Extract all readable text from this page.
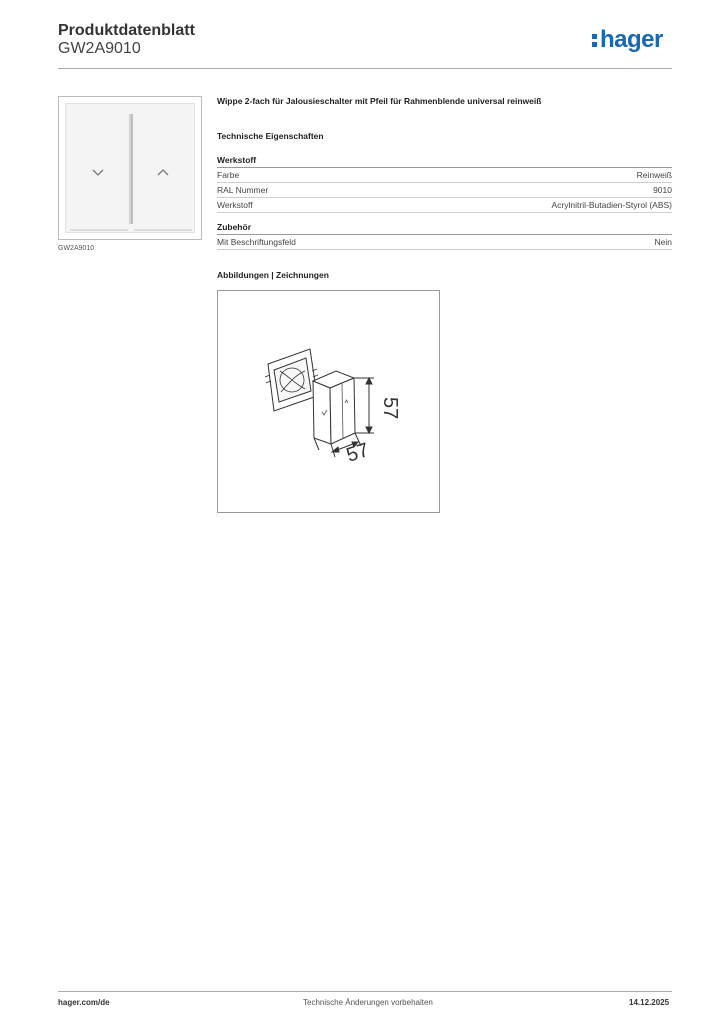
Produktdatenblatt
GW2A9010	hager
GW2A9010
Wippe 2-fach für Jalousieschalter mit Pfeil für Rahmenblende universal reinweiß
Technische Eigenschaften
Werkstoff
Farbe	Reinweiß
RAL Nummer	9010
Werkstoff	Acrylnitril-Butadien-Styrol (ABS)
Zubehör
Mit Beschriftungsfeld	Nein
Abbildungen | Zeichnungen
57
57
hager.com/de	Technische Änderungen vorbehalten	14.12.2025
